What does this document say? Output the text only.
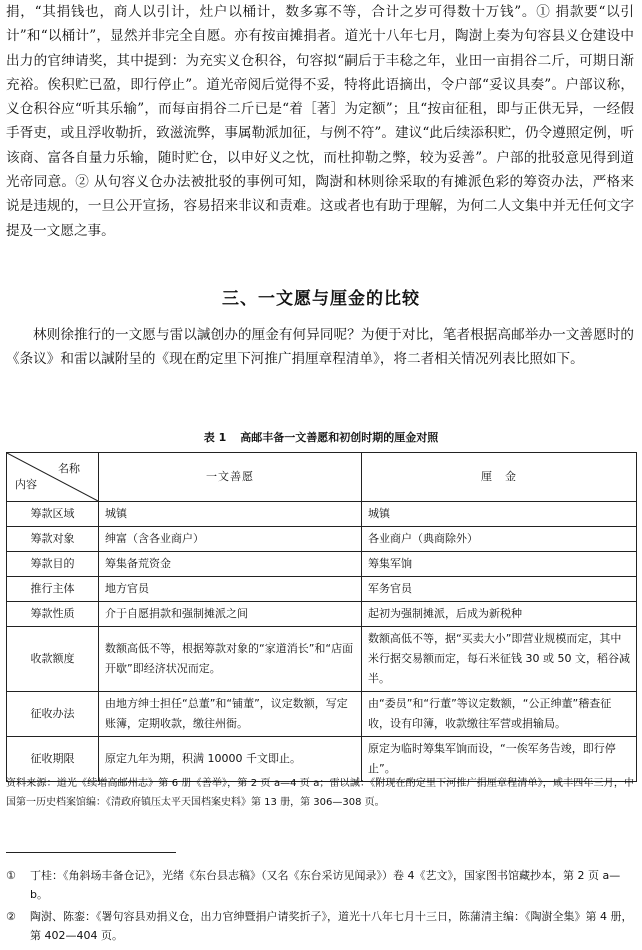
捐，“其捐钱也，商人以引计，灶户以桶计，数多寡不等，合计之岁可得数十万钱”。① 捐款要“以引计”和“以桶计”，显然并非完全自愿。亦有按亩摊捐者。道光十八年七月，陶澍上奏为句容县义仓建设中出力的官绅请奖，其中提到：为充实义仓积谷，句容拟“嗣后于丰稔之年，业田一亩捐谷二斤，可期日渐充裕。俟积贮已盈，即行停止”。道光帝阅后觉得不妥，特将此语摘出，令户部“妥议具奏”。户部议称，义仓积谷应“听其乐输”，而每亩捐谷二斤已是“着［著］为定额”；且“按亩征租，即与正供无异，一经假手胥吏，或且浮收勒折，致滋流弊，事属勒派加征，与例不符”。建议“此后续添积贮，仍令遵照定例，听该商、富各自量力乐输，随时贮仓，以申好义之忱，而杜抑勒之弊，较为妥善”。户部的批驳意见得到道光帝同意。② 从句容义仓办法被批驳的事例可知，陶澍和林则徐采取的有摊派色彩的筹资办法，严格来说是违规的，一旦公开宣扬，容易招来非议和责难。这或者也有助于理解，为何二人文集中并无任何文字提及一文愿之事。

三、一文愿与厘金的比较

林则徐推行的一文愿与雷以諴创办的厘金有何异同呢？为便于对比，笔者根据高邮举办一文善愿时的《条议》和雷以諴附呈的《现在酌定里下河推广捐厘章程清单》，将二者相关情况列表比照如下。

表 1 高邮丰备一文善愿和初创时期的厘金对照
名称
内容	一文善愿	厘　金
筹款区域	城镇	城镇
筹款对象	绅富（含各业商户）	各业商户（典商除外）
筹款目的	筹集备荒资金	筹集军饷
推行主体	地方官员	军务官员
筹款性质	介于自愿捐款和强制摊派之间	起初为强制摊派，后成为新税种
收款额度	数额高低不等，根据筹款对象的“家道消长”和“店面开歇”即经济状况而定。	数额高低不等，据“买卖大小”即营业规模而定，其中米行据交易额而定，每石米征钱 30 或 50 文，稻谷减半。
征收办法	由地方绅士担任“总董”和“铺董”，议定数额，写定账簿，定期收款，缴往州衙。	由“委员”和“行董”等议定数额，“公正绅董”稽查征收，设有印簿，收款缴往军营或捐输局。
征收期限	原定九年为期，积满 10000 千文即止。	原定为临时筹集军饷而设，“一俟军务告竣，即行停止”。
资料来源：道光《续增高邮州志》第 6 册《善举》，第 2 页 a—4 页 a；雷以諴：《附现在酌定里下河推广捐厘章程清单》，咸丰四年三月，中国第一历史档案馆编：《清政府镇压太平天国档案史料》第 13 册，第 306—308 页。
① 丁桂：《角斜场丰备仓记》，光绪《东台县志稿》（又名《东台采访见闻录》）卷 4《艺文》，国家图书馆藏抄本，第 2 页 a—b。
② 陶澍、陈銮：《署句容县劝捐义仓，出力官绅暨捐户请奖折子》，道光十八年七月十三日，陈蒲清主编：《陶澍全集》第 4 册，第 402—404 页。
